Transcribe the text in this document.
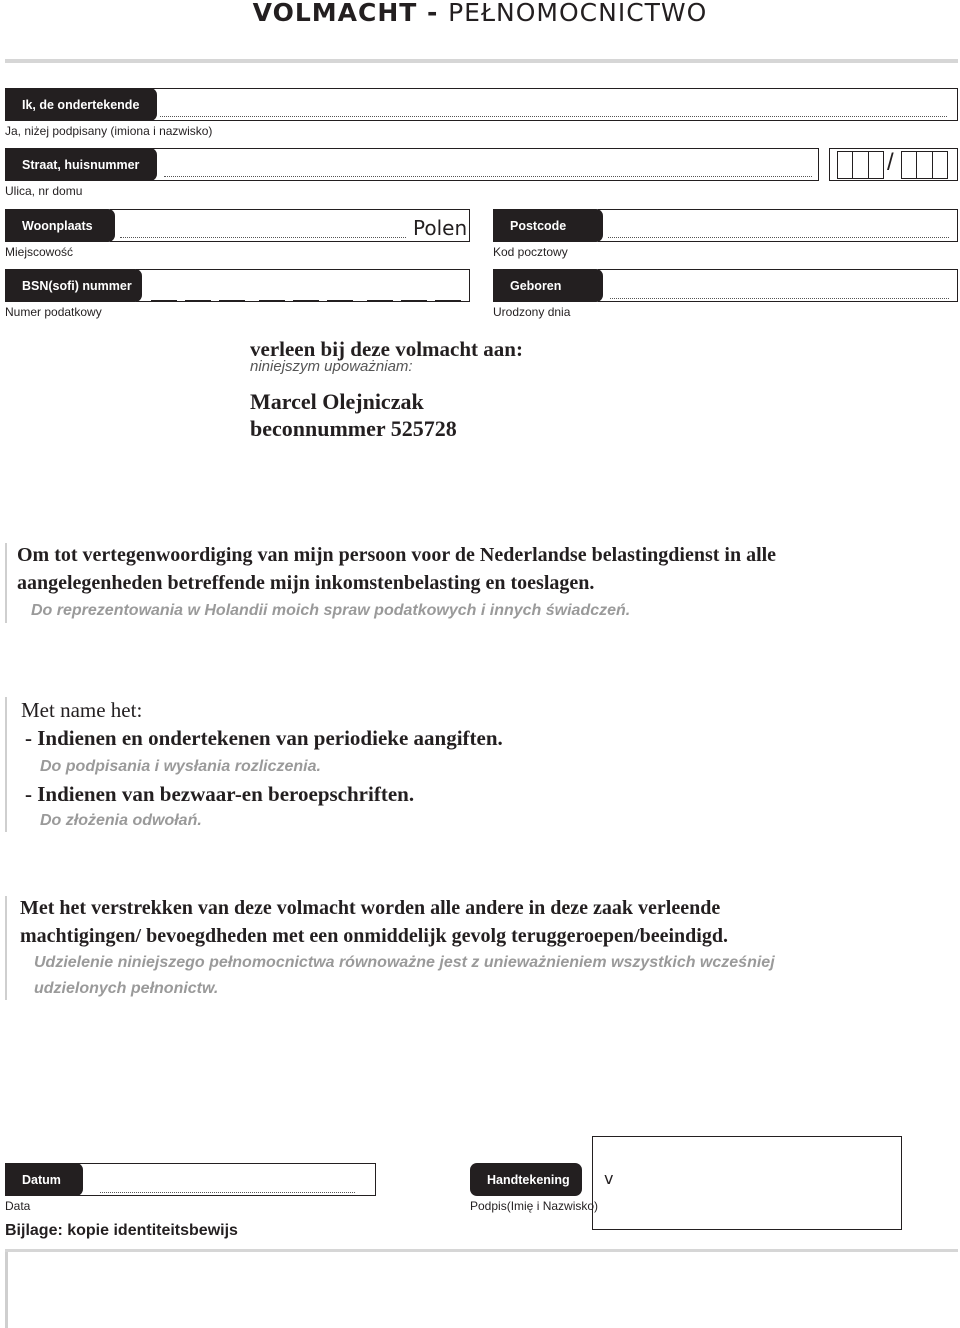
VOLMACHT - PEŁNOMOCNICTWO
Ik, de ondertekende
Ja, niżej podpisany (imiona i nazwisko)
Straat, huisnummer
Ulica, nr domu
/
Polen
Woonplaats
Miejscowość
Postcode
Kod pocztowy
BSN(sofi) nummer
Numer podatkowy
Geboren
Urodzony dnia
verleen bij deze volmacht aan:
niniejszym upoważniam:
Marcel Olejniczak
beconnummer 525728
Om tot vertegenwoordiging van mijn persoon voor de Nederlandse belastingdienst in alle
aangelegenheden betreffende mijn inkomstenbelasting en toeslagen.
Do reprezentowania w Holandii moich spraw podatkowych i innych świadczeń.
Met name het:
- Indienen en ondertekenen van periodieke aangiften.
Do podpisania i wysłania rozliczenia.
- Indienen van bezwaar-en beroepschriften.
Do złożenia odwołań.
Met het verstrekken van deze volmacht worden alle andere in deze zaak verleende
machtigingen/ bevoegdheden met een onmiddelijk gevolg teruggeroepen/beeindigd.
Udzielenie niniejszego pełnomocnictwa równoważne jest z unieważnieniem wszystkich wcześniej
udzielonych pełnonictw.
Datum
Data
Handtekening
Podpis(Imię i Nazwisko)
v
Bijlage: kopie identiteitsbewijs
